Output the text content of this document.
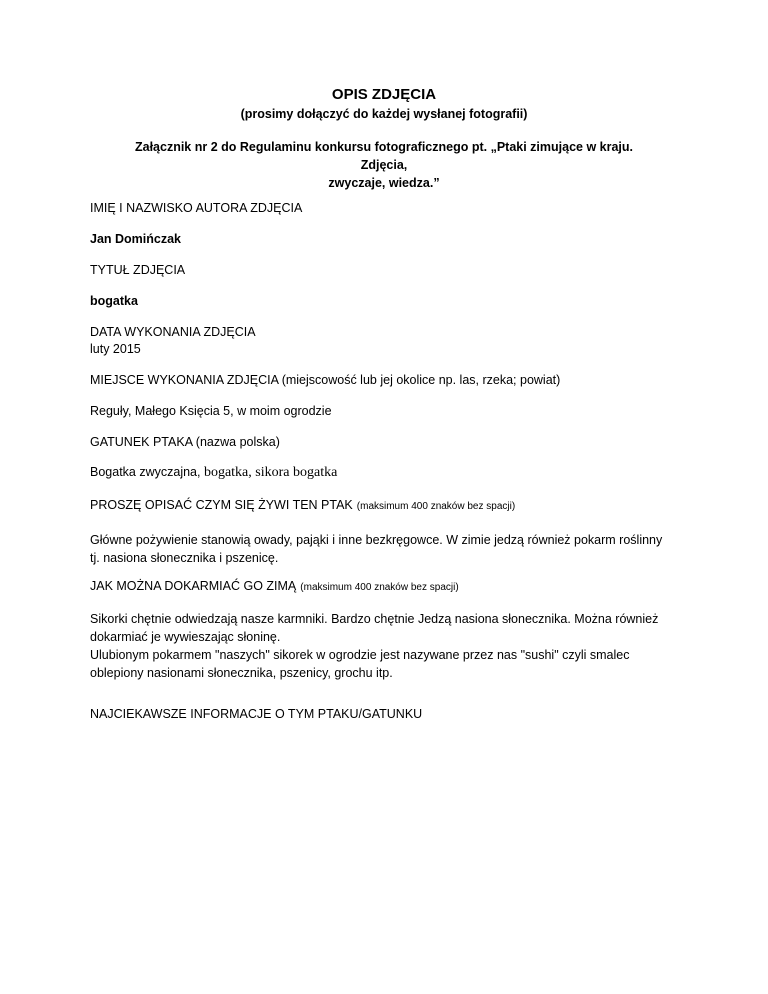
OPIS ZDJĘCIA
(prosimy dołączyć do każdej wysłanej fotografii)
Załącznik nr 2 do Regulaminu konkursu fotograficznego pt. „Ptaki zimujące w kraju. Zdjęcia,
zwyczaje, wiedza.”
IMIĘ I NAZWISKO AUTORA ZDJĘCIA
Jan Domińczak
TYTUŁ ZDJĘCIA
bogatka
DATA WYKONANIA ZDJĘCIA
luty 2015
MIEJSCE WYKONANIA ZDJĘCIA (miejscowość lub jej okolice np. las, rzeka; powiat)
Reguły, Małego Księcia 5, w moim ogrodzie
GATUNEK PTAKA (nazwa polska)
Bogatka zwyczajna, bogatka, sikora bogatka
PROSZĘ OPISAĆ CZYM SIĘ ŻYWI TEN PTAK (maksimum 400 znaków bez spacji)
Główne pożywienie stanowią owady, pająki i inne bezkręgowce. W zimie jedzą również pokarm roślinny
tj. nasiona słonecznika i pszenicę.
JAK MOŻNA DOKARMIAĆ GO ZIMĄ (maksimum 400 znaków bez spacji)
Sikorki chętnie odwiedzają nasze karmniki. Bardzo chętnie Jedzą nasiona słonecznika. Można również
dokarmiać je wywieszając słoninę.
Ulubionym pokarmem "naszych" sikorek w ogrodzie jest nazywane przez nas "sushi" czyli smalec
oblepiony nasionami słonecznika, pszenicy, grochu itp.
NAJCIEKAWSZE INFORMACJE O TYM PTAKU/GATUNKU
